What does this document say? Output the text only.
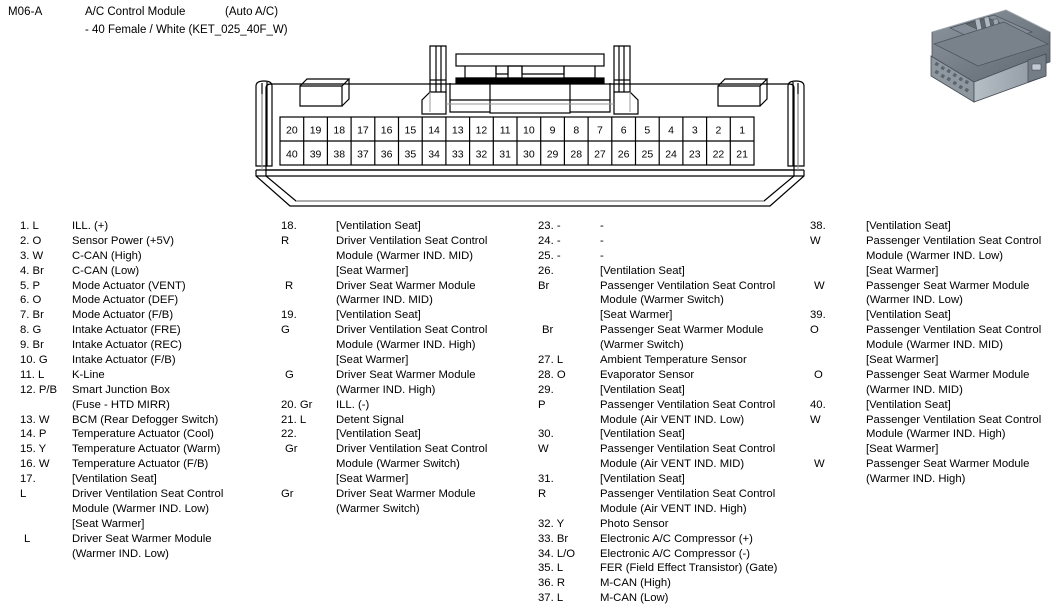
M06-A	A/C Control Module	(Auto A/C)
- 40 Female / White (KET_025_40F_W)
20 19 18 17 16 15 14 13 12 11 10 9 8 7 6 5 4 3 2 1
40 39 38 37 36 35 34 33 32 31 30 29 28 27 26 25 24 23 22 21
1. L	ILL. (+)
2. O	Sensor Power (+5V)
3. W	C-CAN (High)
4. Br C-CAN (Low)
5. P	Mode Actuator (VENT)
6. O	Mode Actuator (DEF)
7. Br Mode Actuator (F/B)
8. G	Intake Actuator (FRE)
9. Br Intake Actuator (REC)
10. G Intake Actuator (F/B)
11. L K-Line
12. P/B Smart Junction Box
(Fuse - HTD MIRR)
13. W BCM (Rear Defogger Switch)
14. P Temperature Actuator (Cool)
15. Y Temperature Actuator (Warm)
16. W Temperature Actuator (F/B)
17.	[Ventilation Seat]
L	Driver Ventilation Seat Control
Module (Warmer IND. Low)
[Seat Warmer]
L	Driver Seat Warmer Module
(Warmer IND. Low)
18.	[Ventilation Seat]
R	Driver Ventilation Seat Control
Module (Warmer IND. MID)
[Seat Warmer]
R	Driver Seat Warmer Module
(Warmer IND. MID)
19.	[Ventilation Seat]
G	Driver Ventilation Seat Control
Module (Warmer IND. High)
[Seat Warmer]
G	Driver Seat Warmer Module
(Warmer IND. High)
20. Gr ILL. (-)
21. L	Detent Signal
22.	[Ventilation Seat]
Gr	Driver Ventilation Seat Control
Module (Warmer Switch)
[Seat Warmer]
Gr	Driver Seat Warmer Module
(Warmer Switch)
23. -	-
24. -	-
25. -	-
26.	[Ventilation Seat]
Br	Passenger Ventilation Seat Control
Module (Warmer Switch)
[Seat Warmer]
Br	Passenger Seat Warmer Module
(Warmer Switch)
27. L	Ambient Temperature Sensor
28. O	Evaporator Sensor
29.	[Ventilation Seat]
P	Passenger Ventilation Seat Control
Module (Air VENT IND. Low)
30.	[Ventilation Seat]
W	Passenger Ventilation Seat Control
Module (Air VENT IND. MID)
31.	[Ventilation Seat]
R	Passenger Ventilation Seat Control
Module (Air VENT IND. High)
32. Y	Photo Sensor
33. Br	Electronic A/C Compressor (+)
34. L/O Electronic A/C Compressor (-)
35. L	FER (Field Effect Transistor) (Gate)
36. R	M-CAN (High)
37. L	M-CAN (Low)
38.	[Ventilation Seat]
W	Passenger Ventilation Seat Control
Module (Warmer IND. Low)
[Seat Warmer]
W	Passenger Seat Warmer Module
(Warmer IND. Low)
39.	[Ventilation Seat]
O	Passenger Ventilation Seat Control
Module (Warmer IND. MID)
[Seat Warmer]
O	Passenger Seat Warmer Module
(Warmer IND. MID)
40.	[Ventilation Seat]
W	Passenger Ventilation Seat Control
Module (Warmer IND. High)
[Seat Warmer]
W	Passenger Seat Warmer Module
(Warmer IND. High)
